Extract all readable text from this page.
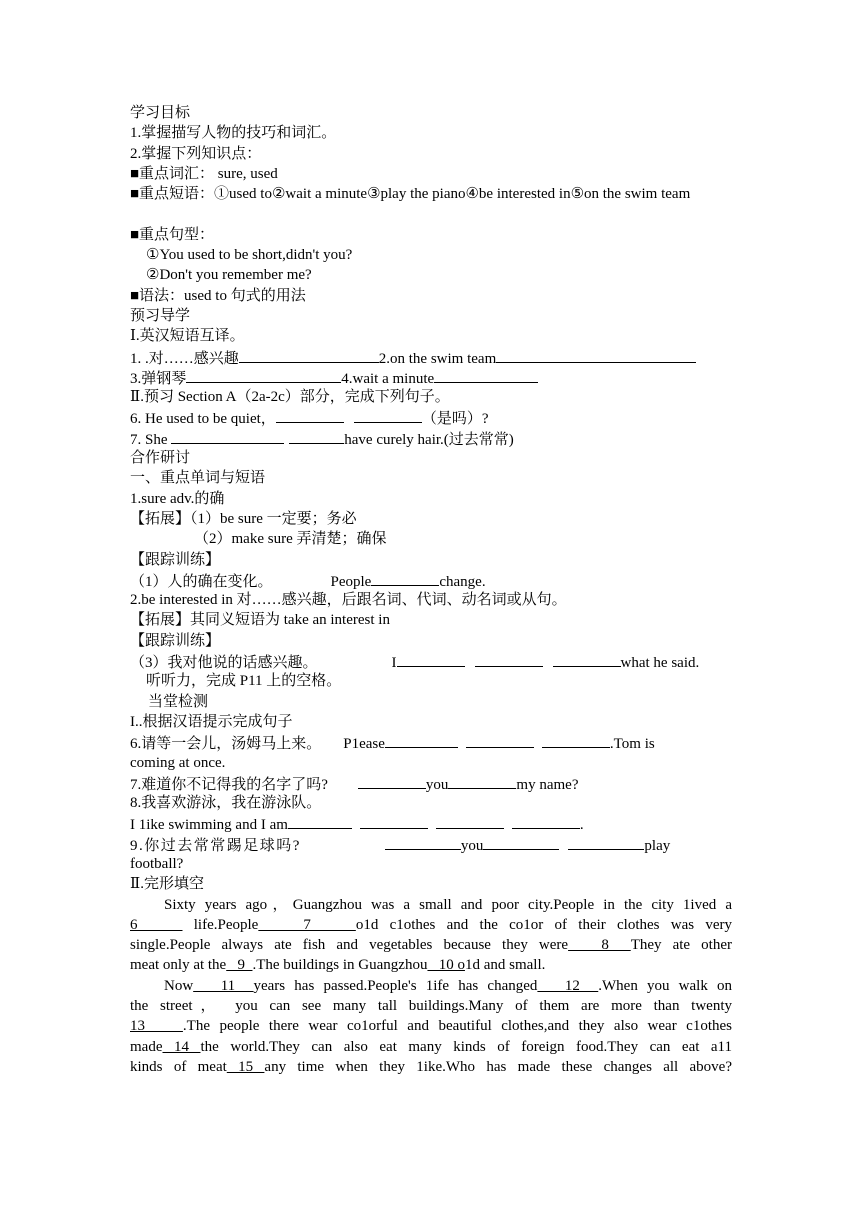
学习目标
1.掌握描写人物的技巧和词汇。
2.掌握下列知识点：
■重点词汇： sure, used
■重点短语：①used to②wait a minute③play the piano④be interested in⑤on the swim team
■重点句型：
①You used to be short,didn't you?
②Don't you remember me?
■语法：used to 句式的用法
预习导学
Ⅰ.英汉短语互译。
1. .对……感兴趣	2.on the swim team
3.弹钢琴	4.wait a minute
Ⅱ.预习 Section A（2a-2c）部分，完成下列句子。
6. He used to be quiet，	（是吗）?
7. She	have curely hair.(过去常常)
合作研讨
一、重点单词与短语
1.sure adv.的确
【拓展】（1）be sure 一定要；务必
（2）make sure 弄清楚；确保
【跟踪训练】
（1）人的确在变化。	People	change.
2.be interested in 对……感兴趣，后跟名词、代词、动名词或从句。
【拓展】其同义短语为 take an interest in
【跟踪训练】
（3）我对他说的话感兴趣。	I	what he said.
听听力，完成 P11 上的空格。
当堂检测
I..根据汉语提示完成句子
6.请等一会儿，汤姆马上来。 P1ease	.Tom is
coming at once.
7.难道你不记得我的名字了吗?	you	my name?
8.我喜欢游泳，我在游泳队。
I 1ike swimming and I am	.
9.你过去常常踢足球吗?	you	play
football?
Ⅱ.完形填空
Sixty years ago，Guangzhou was a small and poor city.People in the city 1ived a
6     life.People    7    o1d c1othes and the co1or of their clothes was very
single.People always ate fish and vegetables because they were   8  They ate other
meat only at the   9  .The buildings in Guangzhou   10 o1d and small.
Now   11  years has passed.People's 1ife has changed   12  .When you walk on
the street， you can see many tall buildings.Many of them are more than twenty
13    .The people there wear co1orful and beautiful clothes,and they also wear c1othes
made 14 the world.They can also eat many kinds of foreign food.They can eat a11
kinds of meat 15 any time when they 1ike.Who has made these changes all above?
